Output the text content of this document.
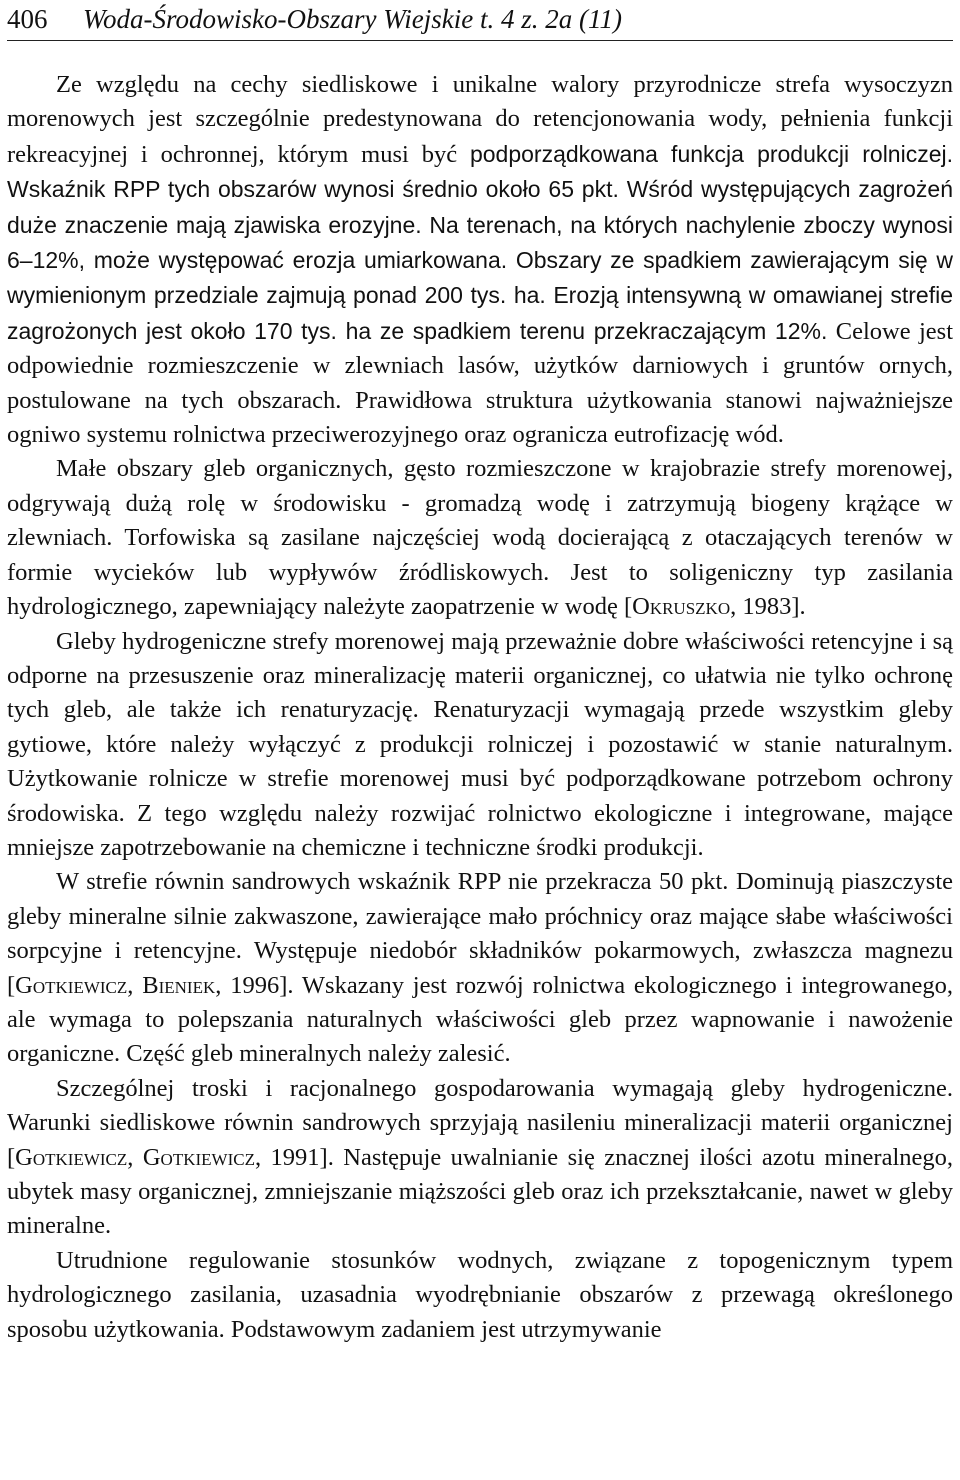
406 Woda-Środowisko-Obszary Wiejskie t. 4 z. 2a (11)

Ze względu na cechy siedliskowe i unikalne walory przyrodnicze strefa wysoczyzn morenowych jest szczególnie predestynowana do retencjonowania wody, pełnienia funkcji rekreacyjnej i ochronnej, którym musi być podporządkowana funkcja produkcji rolniczej. Wskaźnik RPP tych obszarów wynosi średnio około 65 pkt. Wśród występujących zagrożeń duże znaczenie mają zjawiska erozyjne. Na terenach, na których nachylenie zboczy wynosi 6–12%, może występować erozja umiarkowana. Obszary ze spadkiem zawierającym się w wymienionym przedziale zajmują ponad 200 tys. ha. Erozją intensywną w omawianej strefie zagrożonych jest około 170 tys. ha ze spadkiem terenu przekraczającym 12%. Celowe jest odpowiednie rozmieszczenie w zlewniach lasów, użytków darniowych i gruntów ornych, postulowane na tych obszarach. Prawidłowa struktura użytkowania stanowi najważniejsze ogniwo systemu rolnictwa przeciwerozyjnego oraz ogranicza eutrofizację wód.

Małe obszary gleb organicznych, gęsto rozmieszczone w krajobrazie strefy morenowej, odgrywają dużą rolę w środowisku - gromadzą wodę i zatrzymują biogeny krążące w zlewniach. Torfowiska są zasilane najczęściej wodą docierającą z otaczających terenów w formie wycieków lub wypływów źródliskowych. Jest to soligeniczny typ zasilania hydrologicznego, zapewniający należyte zaopatrzenie w wodę [Okruszko, 1983].

Gleby hydrogeniczne strefy morenowej mają przeważnie dobre właściwości retencyjne i są odporne na przesuszenie oraz mineralizację materii organicznej, co ułatwia nie tylko ochronę tych gleb, ale także ich renaturyzację. Renaturyzacji wymagają przede wszystkim gleby gytiowe, które należy wyłączyć z produkcji rolniczej i pozostawić w stanie naturalnym. Użytkowanie rolnicze w strefie morenowej musi być podporządkowane potrzebom ochrony środowiska. Z tego względu należy rozwijać rolnictwo ekologiczne i integrowane, mające mniejsze zapotrzebowanie na chemiczne i techniczne środki produkcji.

W strefie równin sandrowych wskaźnik RPP nie przekracza 50 pkt. Dominują piaszczyste gleby mineralne silnie zakwaszone, zawierające mało próchnicy oraz mające słabe właściwości sorpcyjne i retencyjne. Występuje niedobór składników pokarmowych, zwłaszcza magnezu [Gotkiewicz, Bieniek, 1996]. Wskazany jest rozwój rolnictwa ekologicznego i integrowanego, ale wymaga to polepszania naturalnych właściwości gleb przez wapnowanie i nawożenie organiczne. Część gleb mineralnych należy zalesić.

Szczególnej troski i racjonalnego gospodarowania wymagają gleby hydrogeniczne. Warunki siedliskowe równin sandrowych sprzyjają nasileniu mineralizacji materii organicznej [Gotkiewicz, Gotkiewicz, 1991]. Następuje uwalnianie się znacznej ilości azotu mineralnego, ubytek masy organicznej, zmniejszanie miąższości gleb oraz ich przekształcanie, nawet w gleby mineralne.

Utrudnione regulowanie stosunków wodnych, związane z topogenicznym typem hydrologicznego zasilania, uzasadnia wyodrębnianie obszarów z przewagą określonego sposobu użytkowania. Podstawowym zadaniem jest utrzymywanie
